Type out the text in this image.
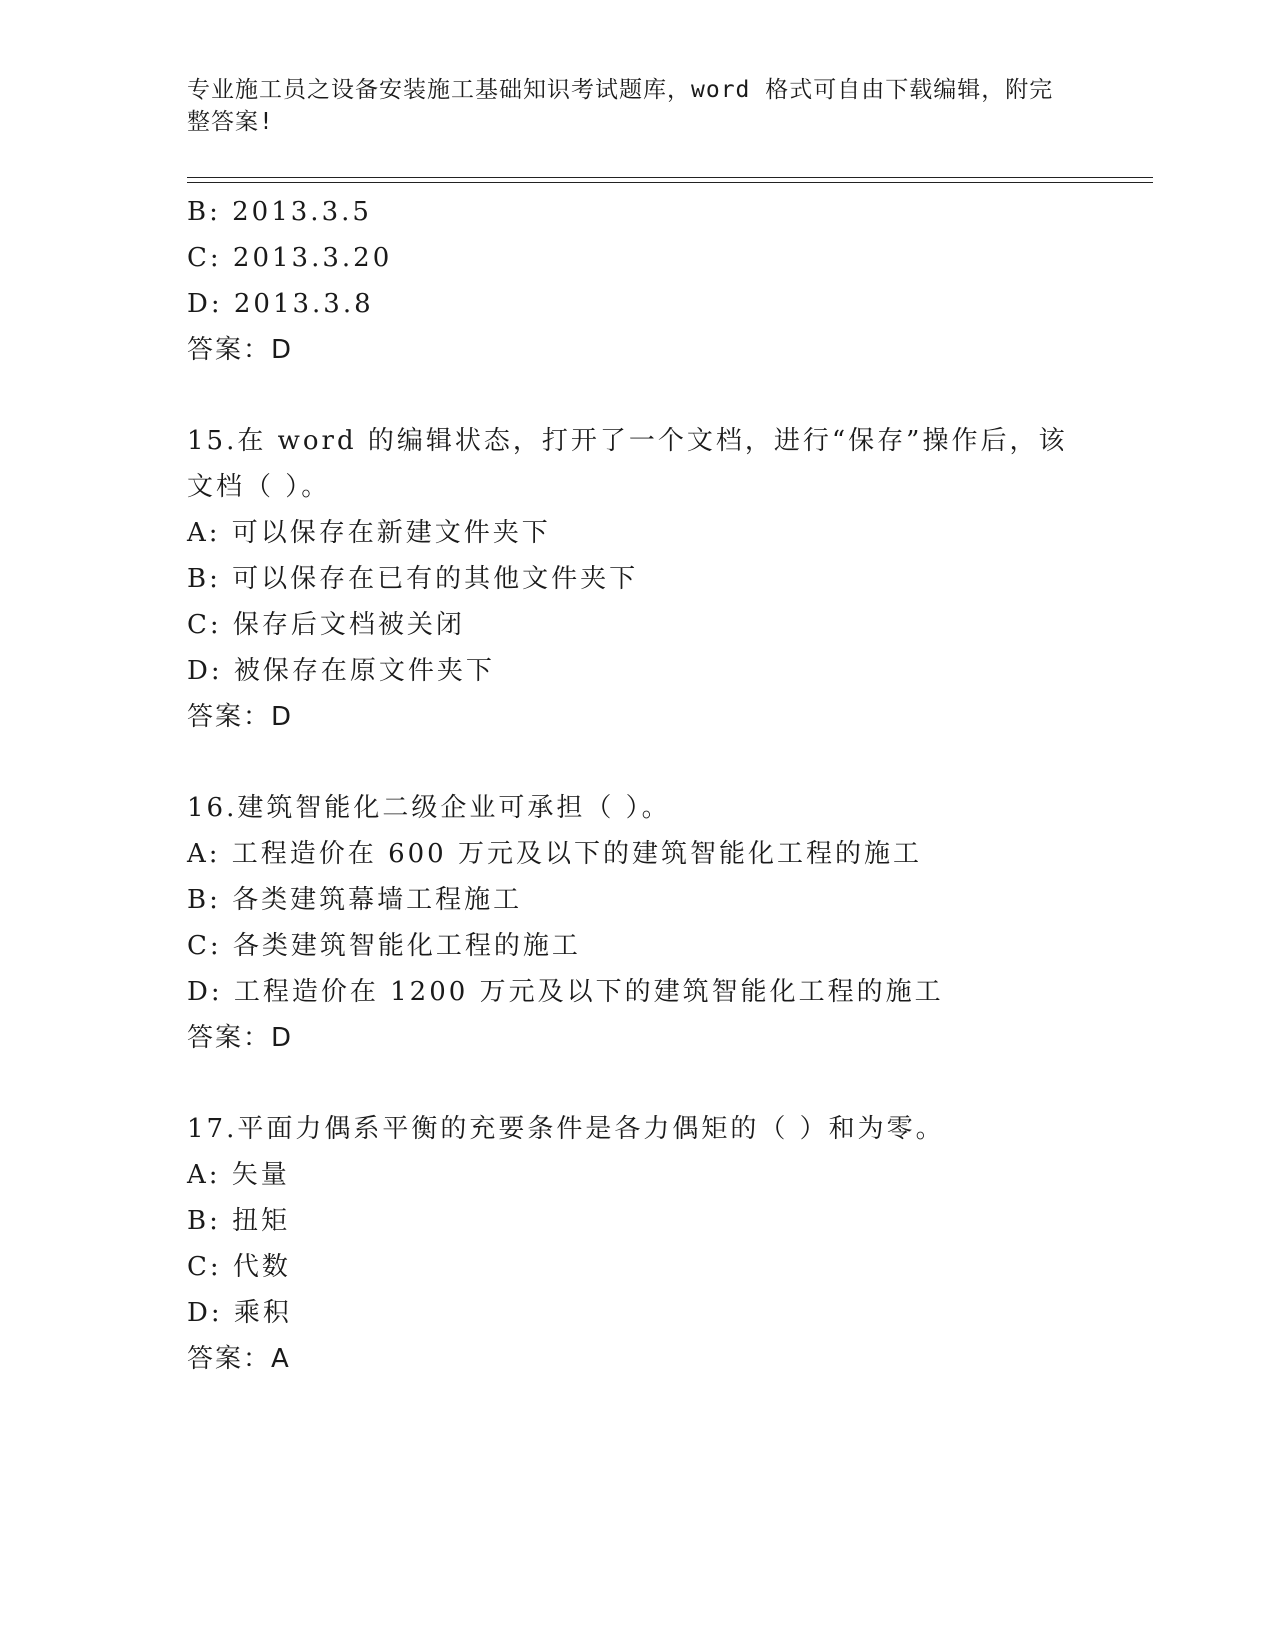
专业施工员之设备安装施工基础知识考试题库，word 格式可自由下载编辑，附完
整答案!
B: 2013.3.5
C: 2013.3.20
D: 2013.3.8
答案：D
15.在 word 的编辑状态，打开了一个文档，进行“保存”操作后，该
文档（ ）。
A: 可以保存在新建文件夹下
B: 可以保存在已有的其他文件夹下
C: 保存后文档被关闭
D: 被保存在原文件夹下
答案：D
16.建筑智能化二级企业可承担（ ）。
A: 工程造价在 600 万元及以下的建筑智能化工程的施工
B: 各类建筑幕墙工程施工
C: 各类建筑智能化工程的施工
D: 工程造价在 1200 万元及以下的建筑智能化工程的施工
答案：D
17.平面力偶系平衡的充要条件是各力偶矩的（ ）和为零。
A: 矢量
B: 扭矩
C: 代数
D: 乘积
答案：A
